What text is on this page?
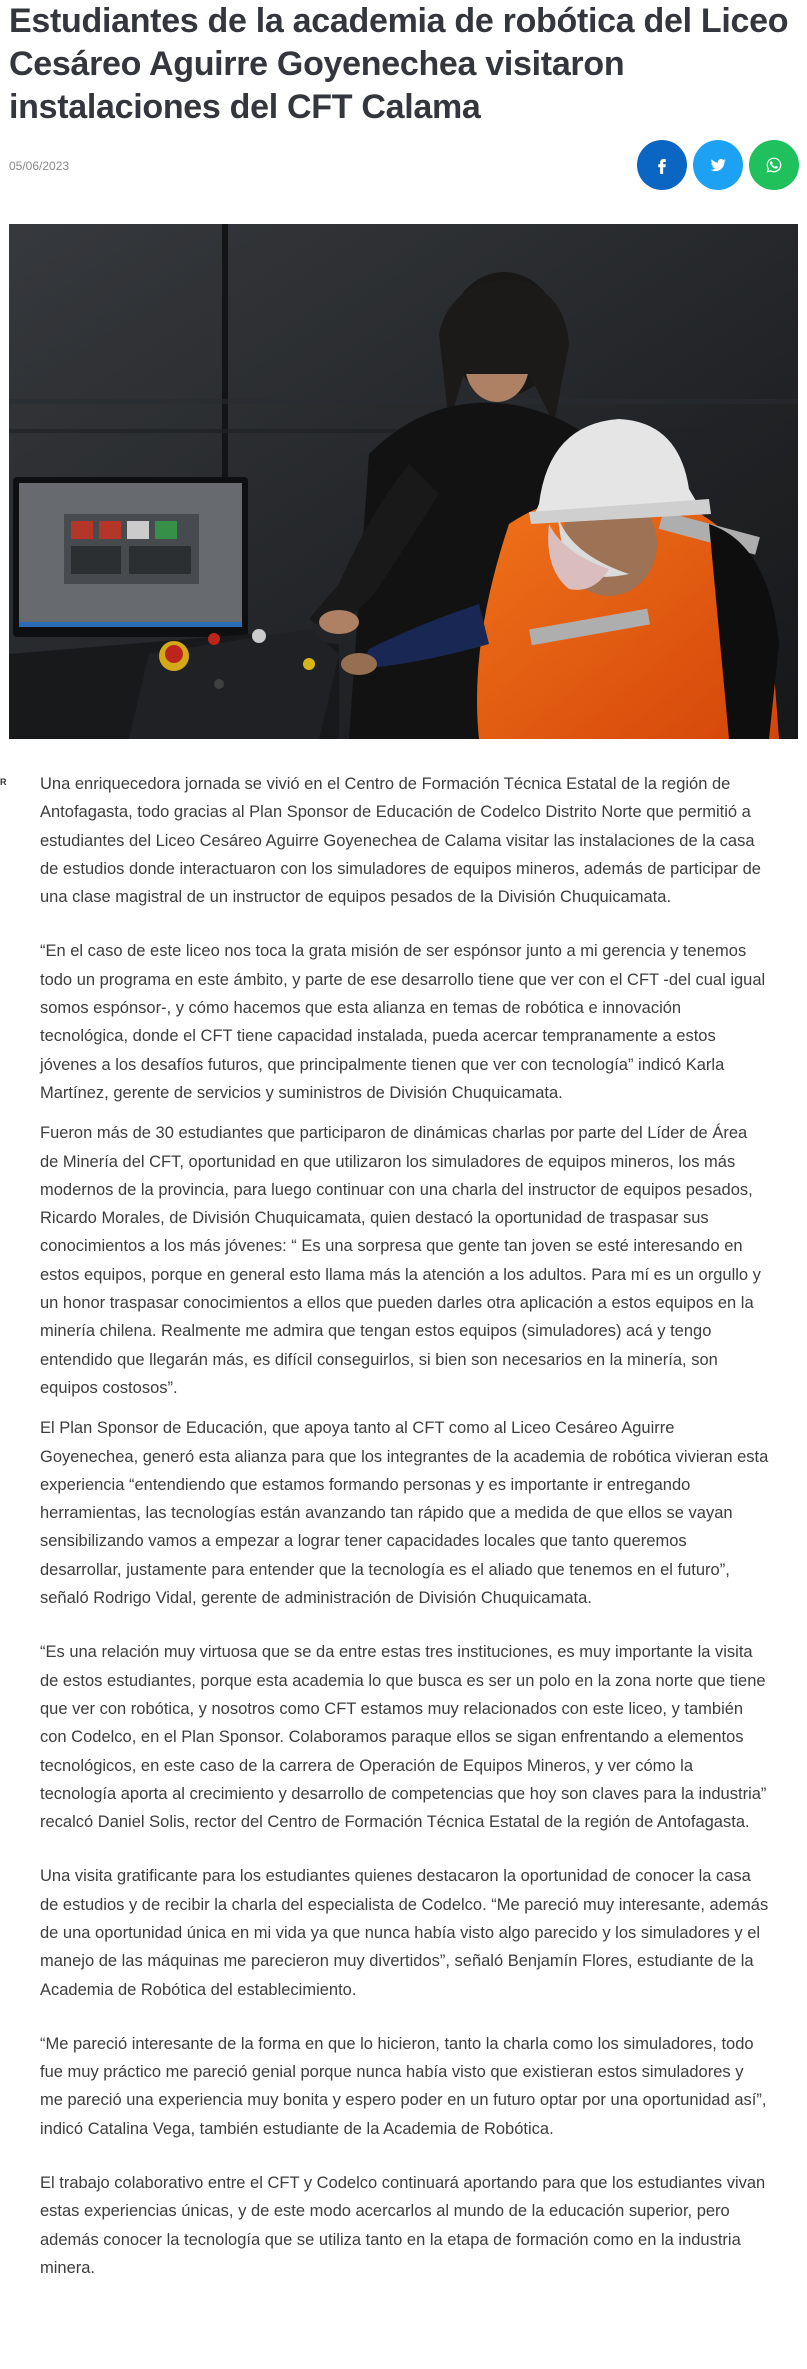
Estudiantes de la academia de robótica del Liceo Cesáreo Aguirre Goyenechea visitaron instalaciones del CFT Calama
05/06/2023
R Una enriquecedora jornada se vivió en el Centro de Formación Técnica Estatal de la región de Antofagasta, todo gracias al Plan Sponsor de Educación de Codelco Distrito Norte que permitió a estudiantes del Liceo Cesáreo Aguirre Goyenechea de Calama visitar las instalaciones de la casa de estudios donde interactuaron con los simuladores de equipos mineros, además de participar de una clase magistral de un instructor de equipos pesados de la División Chuquicamata.

“En el caso de este liceo nos toca la grata misión de ser espónsor junto a mi gerencia y tenemos todo un programa en este ámbito, y parte de ese desarrollo tiene que ver con el CFT -del cual igual somos espónsor-, y cómo hacemos que esta alianza en temas de robótica e innovación tecnológica, donde el CFT tiene capacidad instalada, pueda acercar tempranamente a estos jóvenes a los desafíos futuros, que principalmente tienen que ver con tecnología” indicó Karla Martínez, gerente de servicios y suministros de División Chuquicamata.

Fueron más de 30 estudiantes que participaron de dinámicas charlas por parte del Líder de Área de Minería del CFT, oportunidad en que utilizaron los simuladores de equipos mineros, los más modernos de la provincia, para luego continuar con una charla del instructor de equipos pesados, Ricardo Morales, de División Chuquicamata, quien destacó la oportunidad de traspasar sus conocimientos a los más jóvenes: “ Es una sorpresa que gente tan joven se esté interesando en estos equipos, porque en general esto llama más la atención a los adultos. Para mí es un orgullo y un honor traspasar conocimientos a ellos que pueden darles otra aplicación a estos equipos en la minería chilena. Realmente me admira que tengan estos equipos (simuladores) acá y tengo entendido que llegarán más, es difícil conseguirlos, si bien son necesarios en la minería, son equipos costosos”.

El Plan Sponsor de Educación, que apoya tanto al CFT como al Liceo Cesáreo Aguirre Goyenechea, generó esta alianza para que los integrantes de la academia de robótica vivieran esta experiencia “entendiendo que estamos formando personas y es importante ir entregando herramientas, las tecnologías están avanzando tan rápido que a medida de que ellos se vayan sensibilizando vamos a empezar a lograr tener capacidades locales que tanto queremos desarrollar, justamente para entender que la tecnología es el aliado que tenemos en el futuro”, señaló Rodrigo Vidal, gerente de administración de División Chuquicamata.

“Es una relación muy virtuosa que se da entre estas tres instituciones, es muy importante la visita de estos estudiantes, porque esta academia lo que busca es ser un polo en la zona norte que tiene que ver con robótica, y nosotros como CFT estamos muy relacionados con este liceo, y también con Codelco, en el Plan Sponsor. Colaboramos paraque ellos se sigan enfrentando a elementos tecnológicos, en este caso de la carrera de Operación de Equipos Mineros, y ver cómo la tecnología aporta al crecimiento y desarrollo de competencias que hoy son claves para la industria” recalcó Daniel Solis, rector del Centro de Formación Técnica Estatal de la región de Antofagasta.

Una visita gratificante para los estudiantes quienes destacaron la oportunidad de conocer la casa de estudios y de recibir la charla del especialista de Codelco. “Me pareció muy interesante, además de una oportunidad única en mi vida ya que nunca había visto algo parecido y los simuladores y el manejo de las máquinas me parecieron muy divertidos”, señaló Benjamín Flores, estudiante de la Academia de Robótica del establecimiento.

“Me pareció interesante de la forma en que lo hicieron, tanto la charla como los simuladores, todo fue muy práctico me pareció genial porque nunca había visto que existieran estos simuladores y me pareció una experiencia muy bonita y espero poder en un futuro optar por una oportunidad así”, indicó Catalina Vega, también estudiante de la Academia de Robótica.

El trabajo colaborativo entre el CFT y Codelco continuará aportando para que los estudiantes vivan estas experiencias únicas, y de este modo acercarlos al mundo de la educación superior, pero además conocer la tecnología que se utiliza tanto en la etapa de formación como en la industria minera.
